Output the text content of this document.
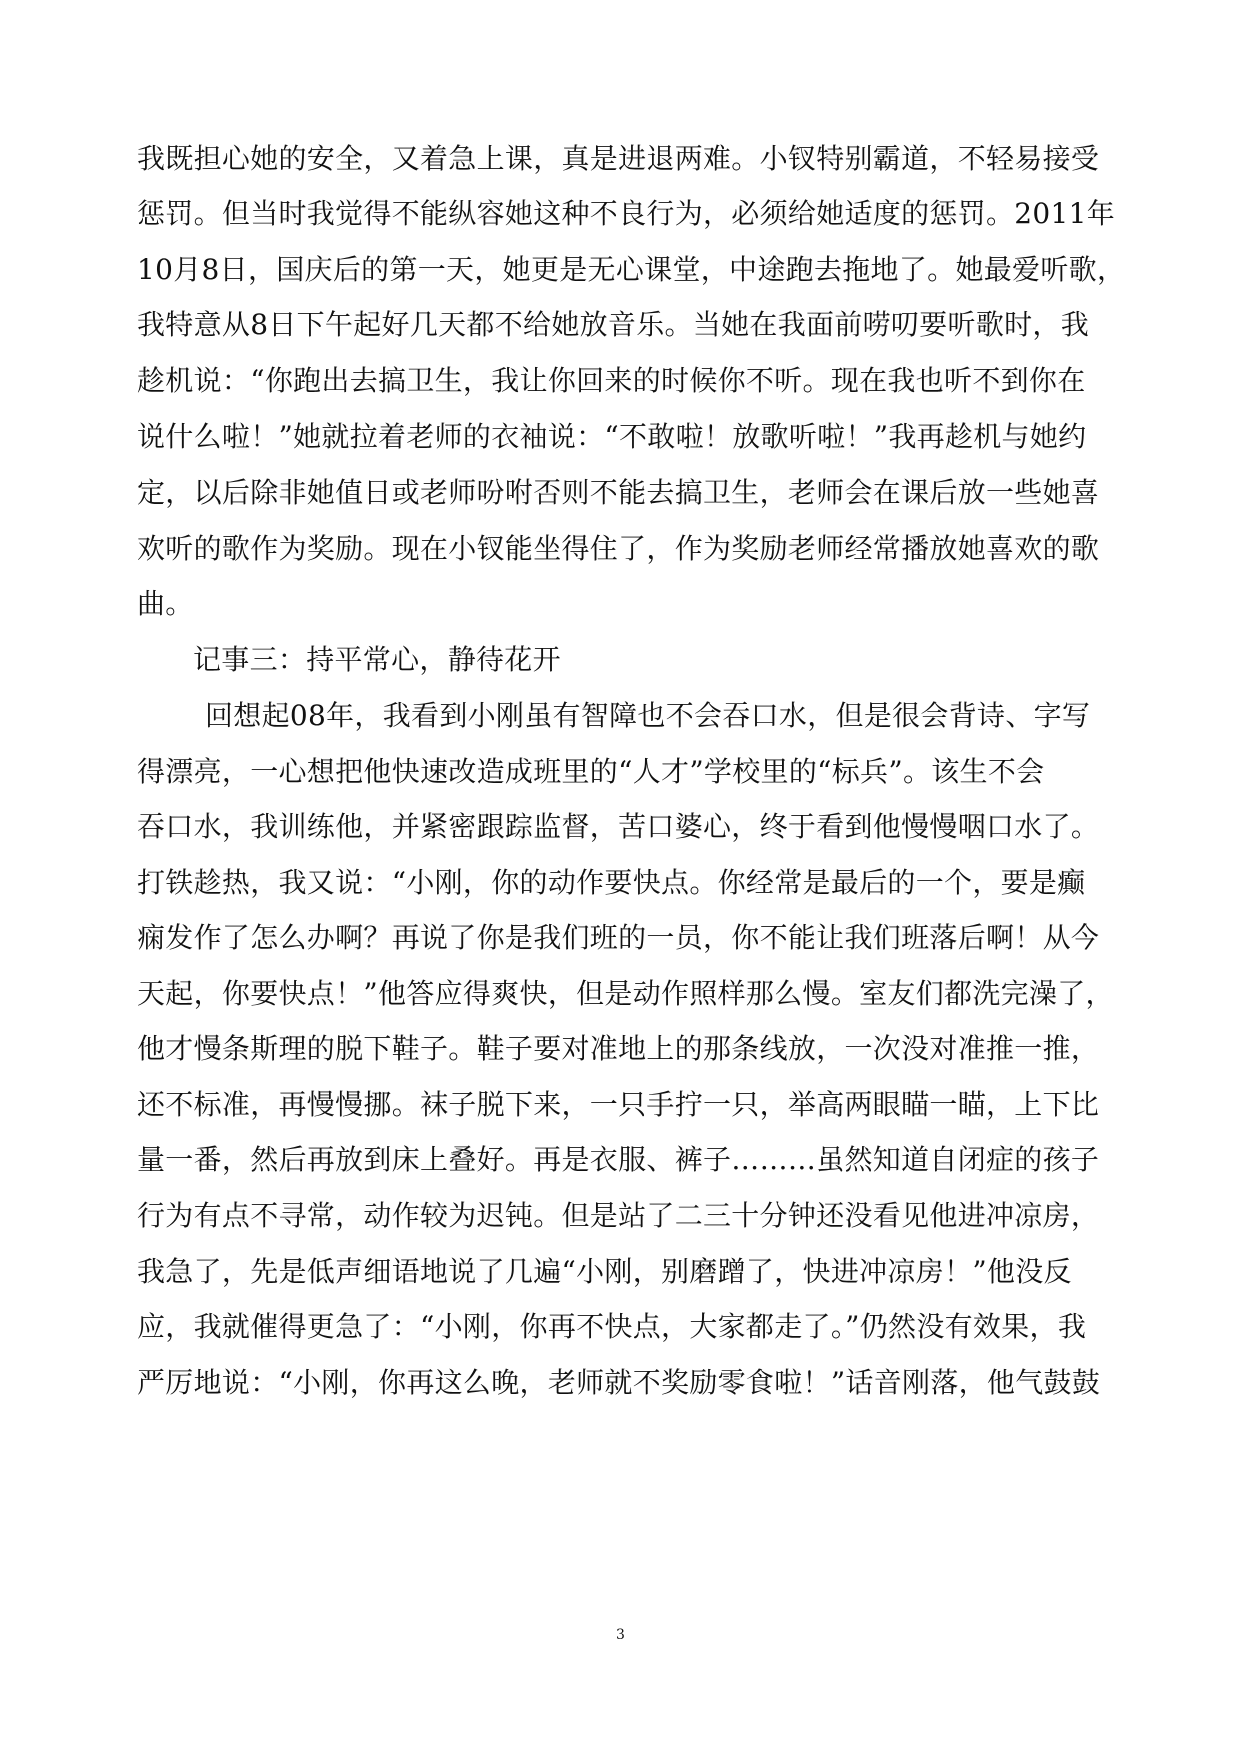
我既担心她的安全，又着急上课，真是进退两难。小钗特别霸道，不轻易接受
惩罚。但当时我觉得不能纵容她这种不良行为，必须给她适度的惩罚。2011年
10月8日，国庆后的第一天，她更是无心课堂，中途跑去拖地了。她最爱听歌，
我特意从8日下午起好几天都不给她放音乐。当她在我面前唠叨要听歌时，我
趁机说：“你跑出去搞卫生，我让你回来的时候你不听。现在我也听不到你在
说什么啦！”她就拉着老师的衣袖说：“不敢啦！放歌听啦！”我再趁机与她约
定，以后除非她值日或老师吩咐否则不能去搞卫生，老师会在课后放一些她喜
欢听的歌作为奖励。现在小钗能坐得住了，作为奖励老师经常播放她喜欢的歌
曲。
记事三：持平常心，静待花开
回想起08年，我看到小刚虽有智障也不会吞口水，但是很会背诗、字写
得漂亮，一心想把他快速改造成班里的“人才”学校里的“标兵”。该生不会
吞口水，我训练他，并紧密跟踪监督，苦口婆心，终于看到他慢慢咽口水了。
打铁趁热，我又说：“小刚，你的动作要快点。你经常是最后的一个，要是癫
痫发作了怎么办啊？再说了你是我们班的一员，你不能让我们班落后啊！从今
天起，你要快点！”他答应得爽快，但是动作照样那么慢。室友们都洗完澡了，
他才慢条斯理的脱下鞋子。鞋子要对准地上的那条线放，一次没对准推一推，
还不标准，再慢慢挪。袜子脱下来，一只手拧一只，举高两眼瞄一瞄，上下比
量一番，然后再放到床上叠好。再是衣服、裤子………虽然知道自闭症的孩子
行为有点不寻常，动作较为迟钝。但是站了二三十分钟还没看见他进冲凉房，
我急了，先是低声细语地说了几遍“小刚，别磨蹭了，快进冲凉房！”他没反
应，我就催得更急了：“小刚，你再不快点，大家都走了。”仍然没有效果，我
严厉地说：“小刚，你再这么晚，老师就不奖励零食啦！”话音刚落，他气鼓鼓
3
